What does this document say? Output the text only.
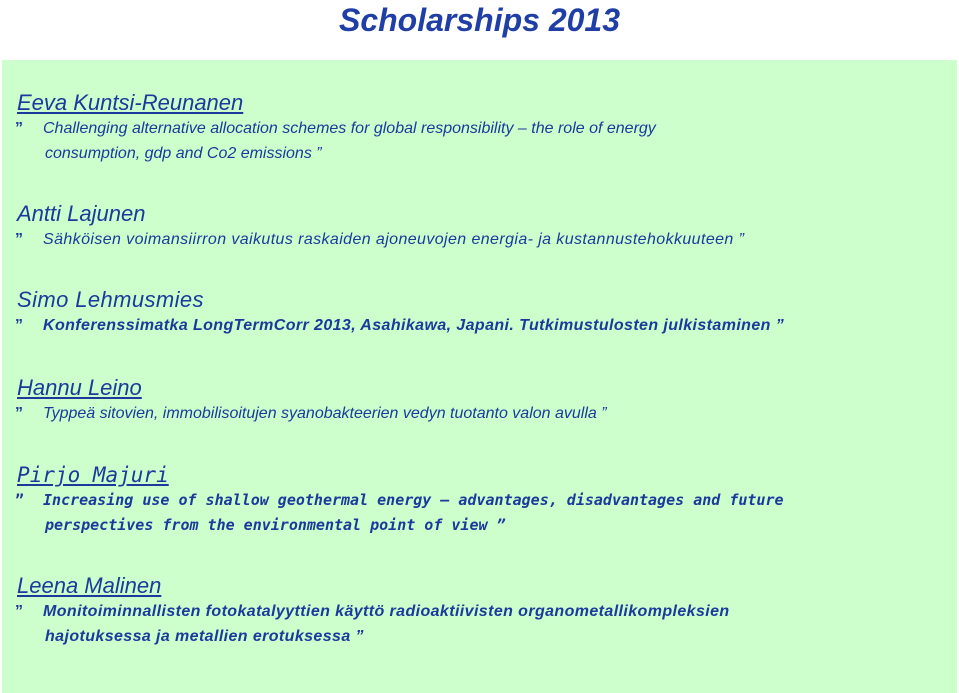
Scholarships 2013

Eeva Kuntsi-Reunanen

” Challenging alternative allocation schemes for global responsibility – the role of energy
consumption, gdp and Co2 emissions ”

Antti Lajunen

” Sähköisen voimansiirron vaikutus raskaiden ajoneuvojen energia- ja kustannustehokkuuteen ”

Simo Lehmusmies

” Konferenssimatka LongTermCorr 2013, Asahikawa, Japani. Tutkimustulosten julkistaminen ”

Hannu Leino

” Typpeä sitovien, immobilisoitujen syanobakteerien vedyn tuotanto valon avulla ”

Pirjo Majuri

” Increasing use of shallow geothermal energy – advantages, disadvantages and future
perspectives from the environmental point of view ”

Leena Malinen

” Monitoiminnallisten fotokatalyyttien käyttö radioaktiivisten organometallikompleksien
hajotuksessa ja metallien erotuksessa ”
